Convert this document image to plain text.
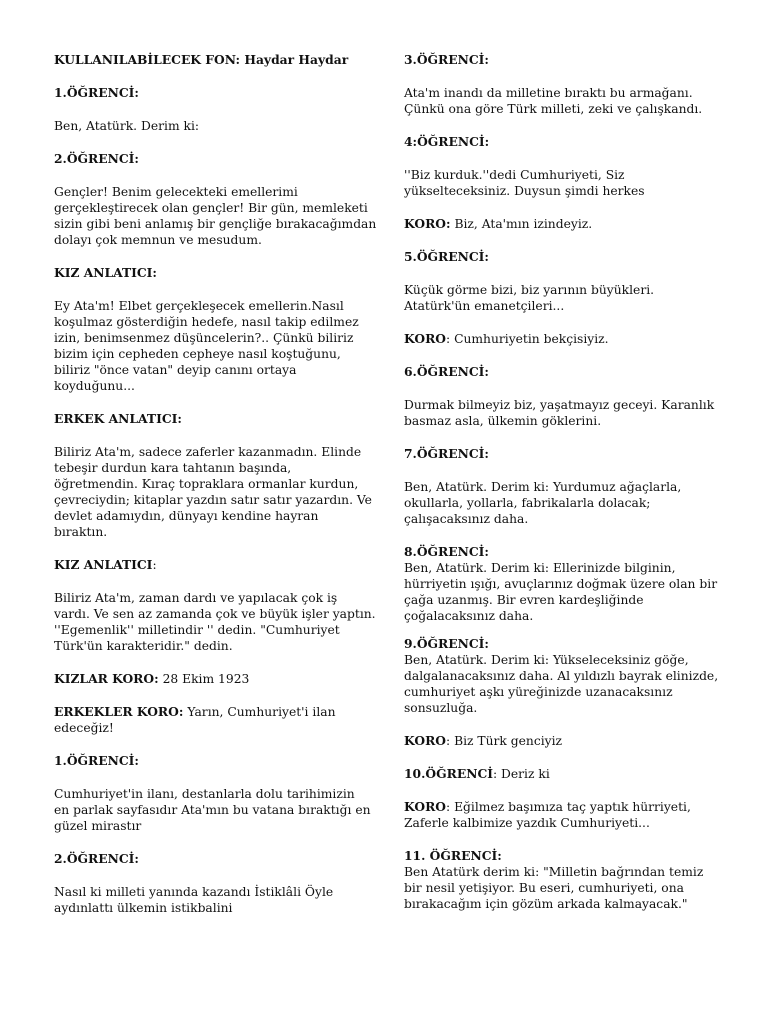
KULLANILABİLECEK FON: Haydar Haydar

1.ÖĞRENCİ:

Ben, Atatürk. Derim ki:

2.ÖĞRENCİ:

Gençler! Benim gelecekteki emellerimi

gerçekleştirecek olan gençler! Bir gün, memleketi

sizin gibi beni anlamış bir gençliğe bırakacağımdan

dolayı çok memnun ve mesudum.

KIZ ANLATICI:

Ey Ata'm! Elbet gerçekleşecek emellerin.Nasıl

koşulmaz gösterdiğin hedefe, nasıl takip edilmez

izin, benimsenmez düşüncelerin?.. Çünkü biliriz

bizim için cepheden cepheye nasıl koştuğunu,

biliriz "önce vatan" deyip canını ortaya

koyduğunu...

ERKEK ANLATICI:

Biliriz Ata'm, sadece zaferler kazanmadın. Elinde

tebeşir durdun kara tahtanın başında,

öğretmendin. Kıraç topraklara ormanlar kurdun,

çevreciydin; kitaplar yazdın satır satır yazardın. Ve

devlet adamıydın, dünyayı kendine hayran

bıraktın.

KIZ ANLATICI:

Biliriz Ata'm, zaman dardı ve yapılacak çok iş

vardı. Ve sen az zamanda çok ve büyük işler yaptın.

''Egemenlik'' milletindir '' dedin. "Cumhuriyet

Türk'ün karakteridir." dedin.

KIZLAR KORO: 28 Ekim 1923

ERKEKLER KORO: Yarın, Cumhuriyet'i ilan

edeceğiz!

1.ÖĞRENCİ:

Cumhuriyet'in ilanı, destanlarla dolu tarihimizin

en parlak sayfasıdır Ata'mın bu vatana bıraktığı en

güzel mirastır

2.ÖĞRENCİ:

Nasıl ki milleti yanında kazandı İstiklâli Öyle

aydınlattı ülkemin istikbalini

3.ÖĞRENCİ:

Ata'm inandı da milletine bıraktı bu armağanı.

Çünkü ona göre Türk milleti, zeki ve çalışkandı.

4:ÖĞRENCİ:

''Biz kurduk.''dedi Cumhuriyeti, Siz

yükselteceksiniz. Duysun şimdi herkes

KORO: Biz, Ata'mın izindeyiz.

5.ÖĞRENCİ:

Küçük görme bizi, biz yarının büyükleri.

Atatürk'ün emanetçileri...

KORO: Cumhuriyetin bekçisiyiz.

6.ÖĞRENCİ:

Durmak bilmeyiz biz, yaşatmayız geceyi. Karanlık

basmaz asla, ülkemin göklerini.

7.ÖĞRENCİ:

Ben, Atatürk. Derim ki: Yurdumuz ağaçlarla,

okullarla, yollarla, fabrikalarla dolacak;

çalışacaksınız daha.

8.ÖĞRENCİ:

Ben, Atatürk. Derim ki: Ellerinizde bilginin,

hürriyetin ışığı, avuçlarınız doğmak üzere olan bir

çağa uzanmış. Bir evren kardeşliğinde

çoğalacaksınız daha.

9.ÖĞRENCİ:

Ben, Atatürk. Derim ki: Yükseleceksiniz göğe,

dalgalanacaksınız daha. Al yıldızlı bayrak elinizde,

cumhuriyet aşkı yüreğinizde uzanacaksınız

sonsuzluğa.

KORO: Biz Türk genciyiz

10.ÖĞRENCİ: Deriz ki

KORO: Eğilmez başımıza taç yaptık hürriyeti,

Zaferle kalbimize yazdık Cumhuriyeti...

11. ÖĞRENCİ:

Ben Atatürk derim ki: "Milletin bağrından temiz

bir nesil yetişiyor. Bu eseri, cumhuriyeti, ona

bırakacağım için gözüm arkada kalmayacak."
